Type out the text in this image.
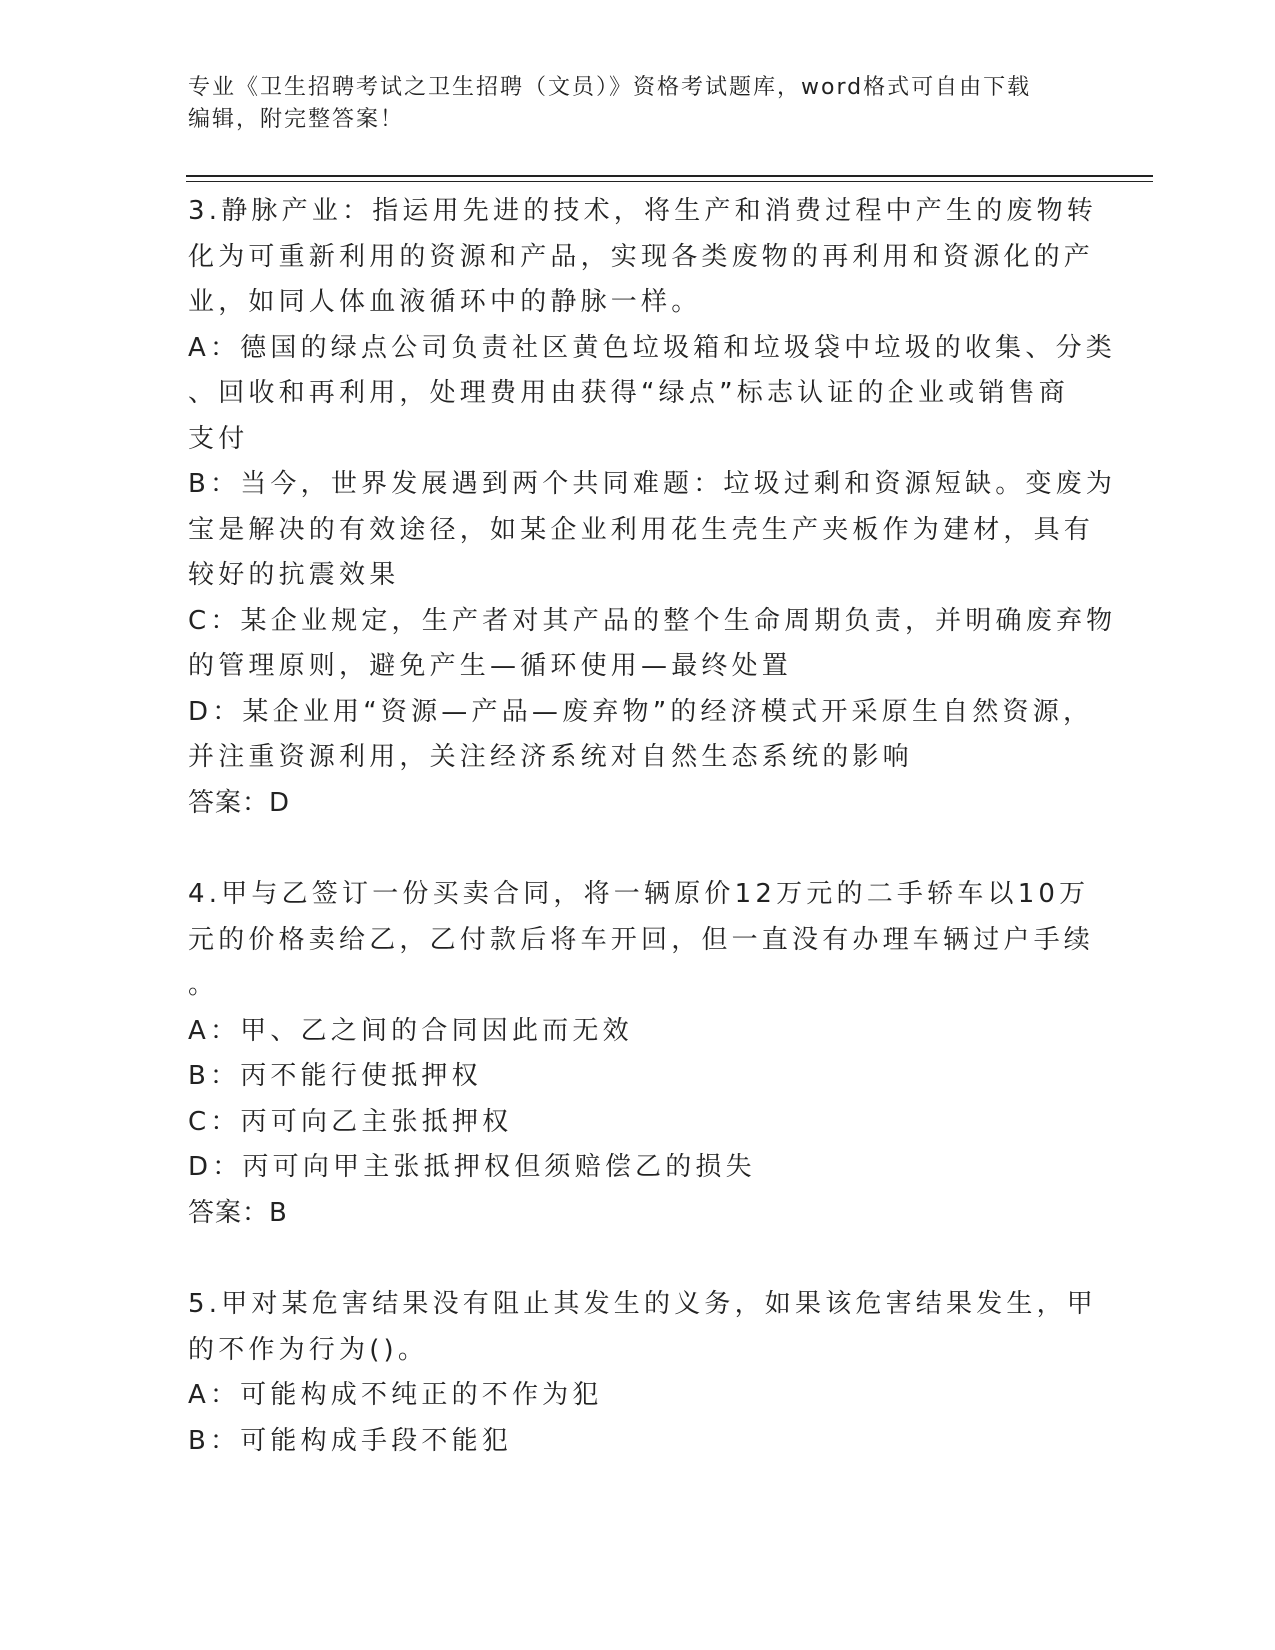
专业《卫生招聘考试之卫生招聘（文员）》资格考试题库，word格式可自由下载
编辑，附完整答案！

3.静脉产业：指运用先进的技术，将生产和消费过程中产生的废物转

化为可重新利用的资源和产品，实现各类废物的再利用和资源化的产

业，如同人体血液循环中的静脉一样。

A：德国的绿点公司负责社区黄色垃圾箱和垃圾袋中垃圾的收集、分类

、回收和再利用，处理费用由获得“绿点”标志认证的企业或销售商

支付

B：当今，世界发展遇到两个共同难题：垃圾过剩和资源短缺。变废为

宝是解决的有效途径，如某企业利用花生壳生产夹板作为建材，具有

较好的抗震效果

C：某企业规定，生产者对其产品的整个生命周期负责，并明确废弃物

的管理原则，避免产生—循环使用—最终处置

D：某企业用“资源—产品—废弃物”的经济模式开采原生自然资源，

并注重资源利用，关注经济系统对自然生态系统的影响

答案：D

4.甲与乙签订一份买卖合同，将一辆原价12万元的二手轿车以10万

元的价格卖给乙，乙付款后将车开回，但一直没有办理车辆过户手续

。

A：甲、乙之间的合同因此而无效

B：丙不能行使抵押权

C：丙可向乙主张抵押权

D：丙可向甲主张抵押权但须赔偿乙的损失

答案：B

5.甲对某危害结果没有阻止其发生的义务，如果该危害结果发生，甲

的不作为行为()。

A：可能构成不纯正的不作为犯

B：可能构成手段不能犯
